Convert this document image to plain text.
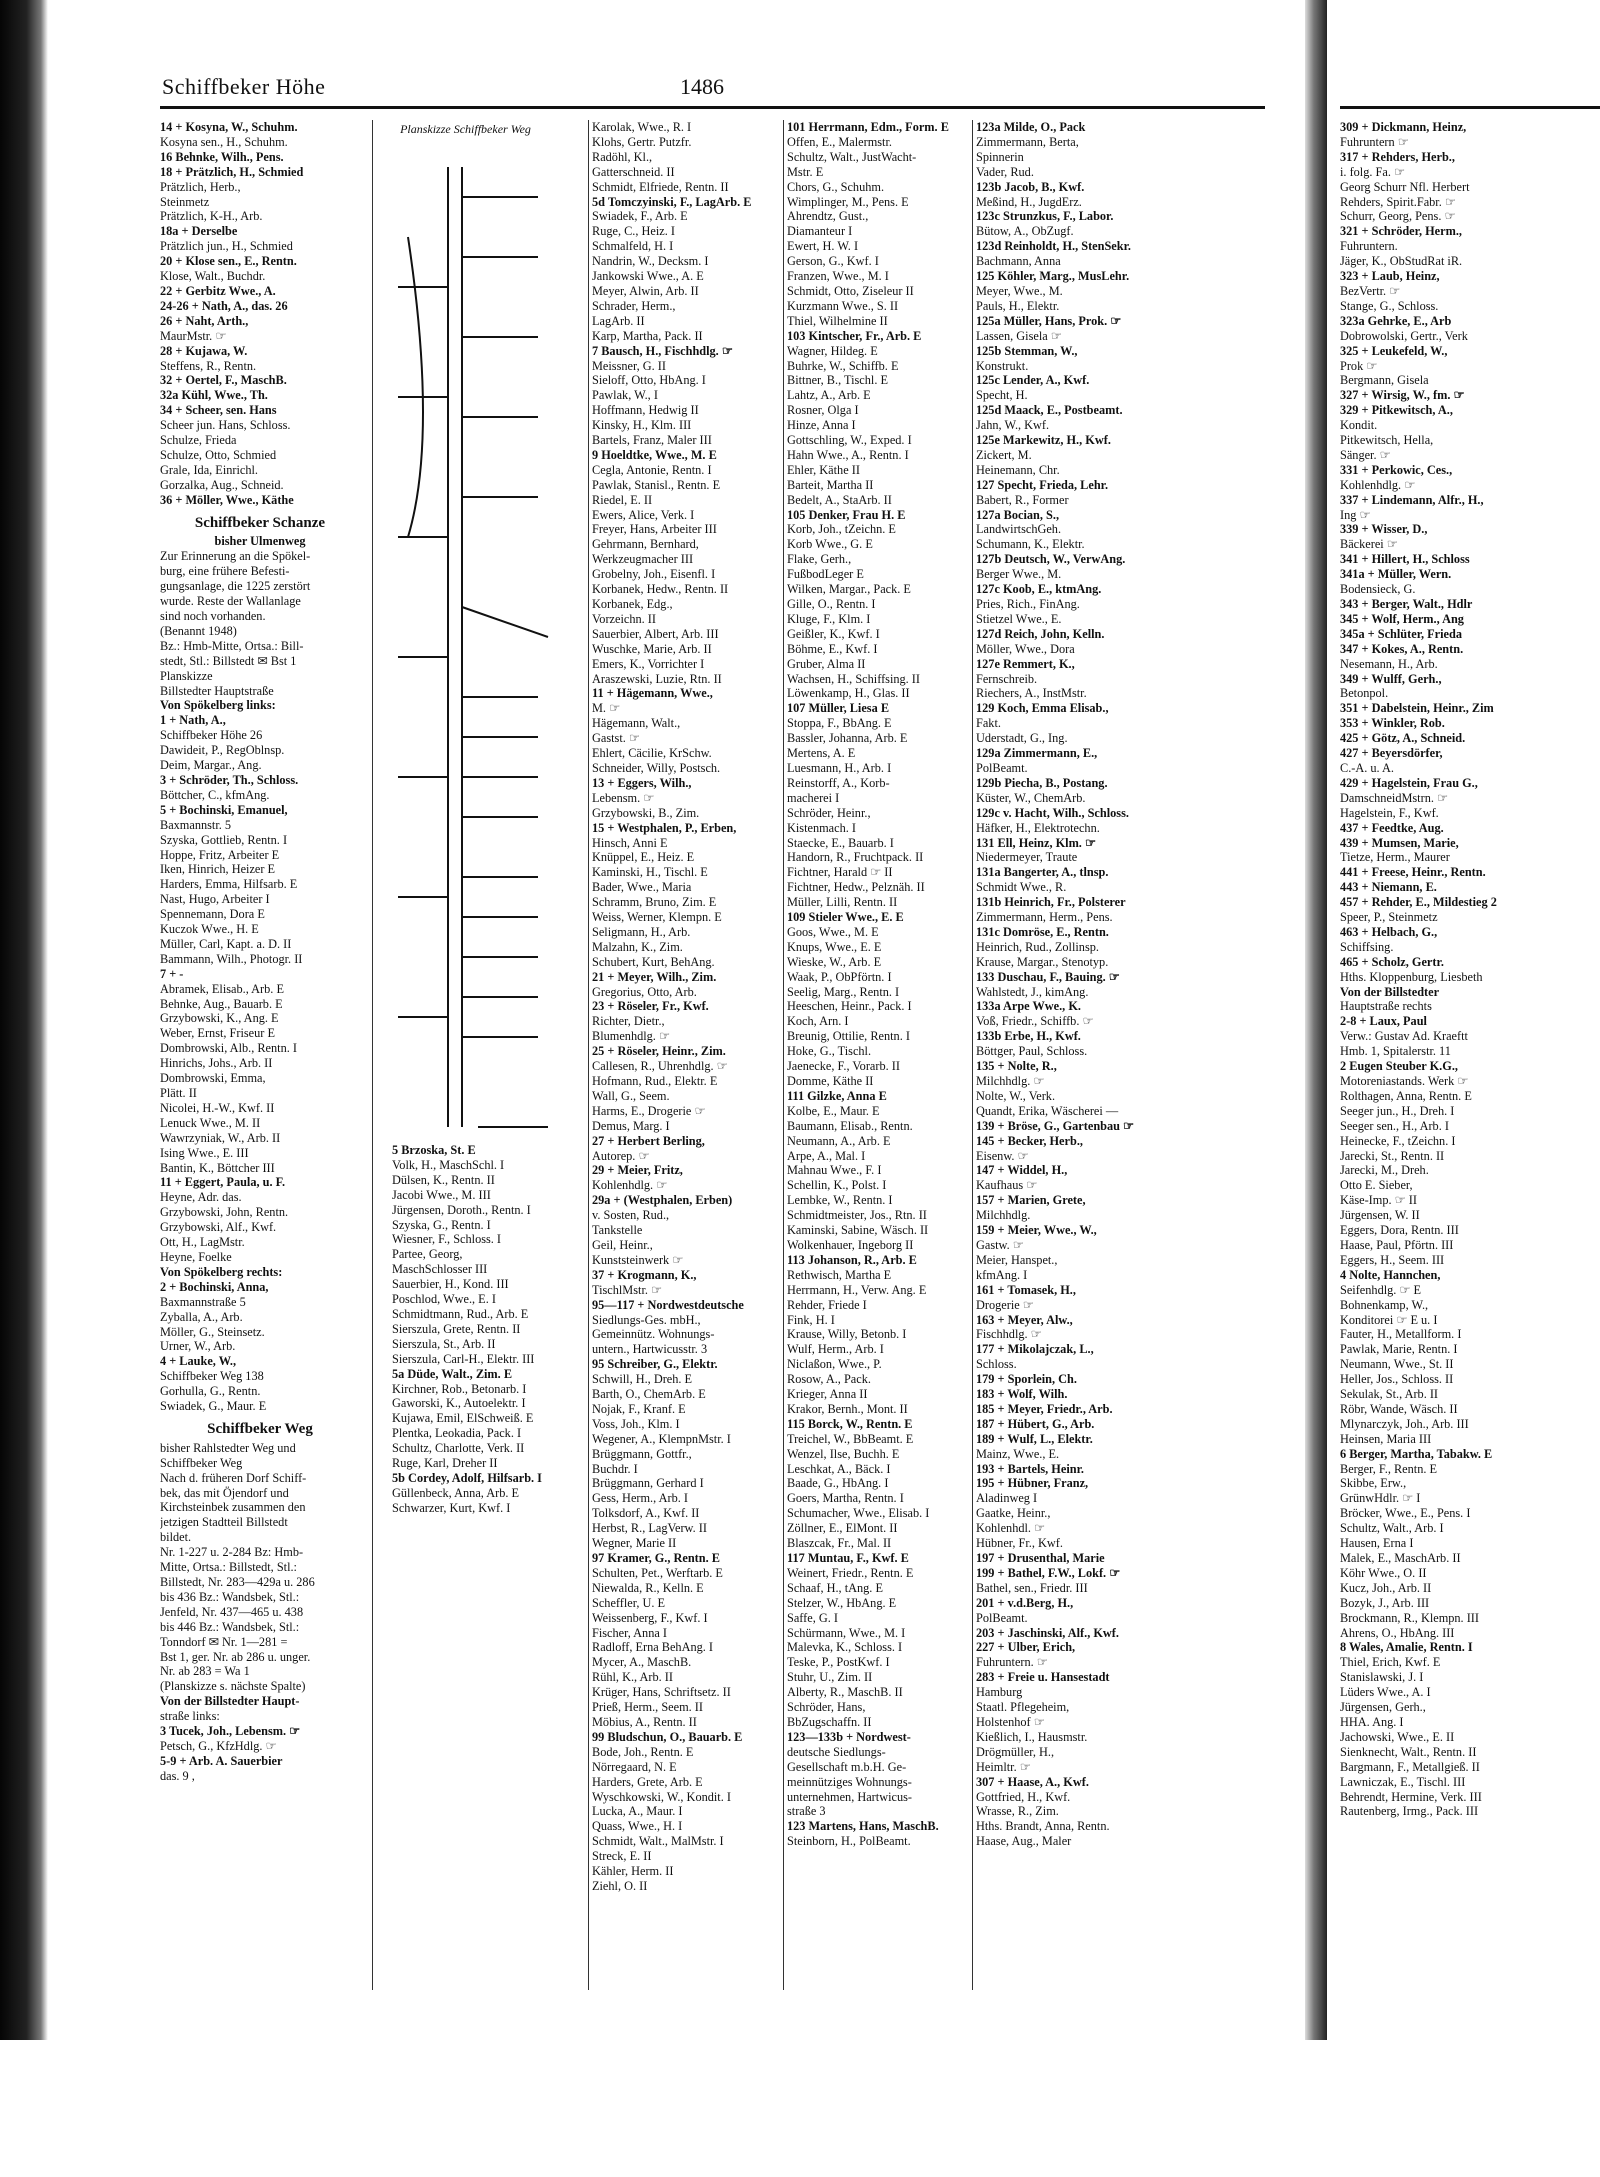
Schiffbeker Höhe	1486
14 + Kosyna, W., Schuhm.
Kosyna sen., H., Schuhm.
16 Behnke, Wilh., Pens.
18 + Prätzlich, H., Schmied
Prätzlich, Herb.,
Steinmetz
Prätzlich, K-H., Arb.
18a + Derselbe
Prätzlich jun., H., Schmied
20 + Klose sen., E., Rentn.
Klose, Walt., Buchdr.
22 + Gerbitz Wwe., A.
24-26 + Nath, A., das. 26
26 + Naht, Arth.,
MaurMstr. ☞
28 + Kujawa, W.
Steffens, R., Rentn.
32 + Oertel, F., MaschB.
32a Kühl, Wwe., Th.
34 + Scheer, sen. Hans
Scheer jun. Hans, Schloss.
Schulze, Frieda
Schulze, Otto, Schmied
Grale, Ida, Einrichl.
Gorzalka, Aug., Schneid.
36 + Möller, Wwe., Käthe
Schiffbeker Schanze
bisher Ulmenweg
Zur Erinnerung an die Spökel-
burg, eine frühere Befesti-
gungsanlage, die 1225 zerstört
wurde. Reste der Wallanlage
sind noch vorhanden.
(Benannt 1948)
Bz.: Hmb-Mitte, Ortsa.: Bill-
stedt, Stl.: Billstedt ✉ Bst 1
Planskizze
Billstedter Hauptstraße
Von Spökelberg links:
1 + Nath, A.,
Schiffbeker Höhe 26
Dawideit, P., RegOblnsp.
Deim, Margar., Ang.
3 + Schröder, Th., Schloss.
Böttcher, C., kfmAng.
5 + Bochinski, Emanuel,
Baxmannstr. 5
Szyska, Gottlieb, Rentn. I
Hoppe, Fritz, Arbeiter E
Iken, Hinrich, Heizer E
Harders, Emma, Hilfsarb. E
Nast, Hugo, Arbeiter I
Spennemann, Dora E
Kuczok Wwe., H. E
Müller, Carl, Kapt. a. D. II
Bammann, Wilh., Photogr. II
7 + -
Abramek, Elisab., Arb. E
Behnke, Aug., Bauarb. E
Grzybowski, K., Ang. E
Weber, Ernst, Friseur E
Dombrowski, Alb., Rentn. I
Hinrichs, Johs., Arb. II
Dombrowski, Emma,
Plätt. II
Nicolei, H.-W., Kwf. II
Lenuck Wwe., M. II
Wawrzyniak, W., Arb. II
Ising Wwe., E. III
Bantin, K., Böttcher III
11 + Eggert, Paula, u. F.
Heyne, Adr. das.
Grzybowski, John, Rentn.
Grzybowski, Alf., Kwf.
Ott, H., LagMstr.
Heyne, Foelke
Von Spökelberg rechts:
2 + Bochinski, Anna,
Baxmannstraße 5
Zyballa, A., Arb.
Möller, G., Steinsetz.
Urner, W., Arb.
4 + Lauke, W.,
Schiffbeker Weg 138
Gorhulla, G., Rentn.
Swiadek, G., Maur. E
Schiffbeker Weg
bisher Rahlstedter Weg und
Schiffbeker Weg
Nach d. früheren Dorf Schiff-
bek, das mit Öjendorf und
Kirchsteinbek zusammen den
jetzigen Stadtteil Billstedt
bildet.
Nr. 1-227 u. 2-284 Bz: Hmb-
Mitte, Ortsa.: Billstedt, Stl.:
Billstedt, Nr. 283—429a u. 286
bis 436 Bz.: Wandsbek, Stl.:
Jenfeld, Nr. 437—465 u. 438
bis 446 Bz.: Wandsbek, Stl.:
Tonndorf ✉ Nr. 1—281 =
Bst 1, ger. Nr. ab 286 u. unger.
Nr. ab 283 = Wa 1
(Planskizze s. nächste Spalte)
Von der Billstedter Haupt-
straße links:
3 Tucek, Joh., Lebensm. ☞
Petsch, G., KfzHdlg. ☞
5-9 + Arb. A. Sauerbier
das. 9 ,
Planskizze Schiffbeker Weg	Karolak, Wwe., R. I
Klohs, Gertr. Putzfr.
Radöhl, Kl.,
Gatterschneid. II
Schmidt, Elfriede, Rentn. II
5d Tomczyinski, F., LagArb. E
Swiadek, F., Arb. E
Ruge, C., Heiz. I
Schmalfeld, H. I
Nandrin, W., Decksm. I
Jankowski Wwe., A. E
Meyer, Alwin, Arb. II
Schrader, Herm.,
LagArb. II
Karp, Martha, Pack. II
7 Bausch, H., Fischhdlg. ☞
Meissner, G. II
Sieloff, Otto, HbAng. I
Pawlak, W., I
Hoffmann, Hedwig II
Kinsky, H., Klm. III
Bartels, Franz, Maler III
9 Hoeldtke, Wwe., M. E
Cegla, Antonie, Rentn. I
Pawlak, Stanisl., Rentn. E
Riedel, E. II
Ewers, Alice, Verk. I
Freyer, Hans, Arbeiter III
Gehrmann, Bernhard,
Werkzeugmacher III
Grobelny, Joh., Eisenfl. I
Korbanek, Hedw., Rentn. II
Korbanek, Edg.,
Vorzeichn. II
Sauerbier, Albert, Arb. III
Wuschke, Marie, Arb. II
Emers, K., Vorrichter I
Araszewski, Luzie, Rtn. II
11 + Hägemann, Wwe.,
M. ☞
Hägemann, Walt.,
Gastst. ☞
Ehlert, Cäcilie, KrSchw.
Schneider, Willy, Postsch.
13 + Eggers, Wilh.,
Lebensm. ☞
Grzybowski, B., Zim.
15 + Westphalen, P., Erben,
Hinsch, Anni E
Knüppel, E., Heiz. E
Kaminski, H., Tischl. E
Bader, Wwe., Maria
Schramm, Bruno, Zim. E
Weiss, Werner, Klempn. E
Seligmann, H., Arb.
Malzahn, K., Zim.
Schubert, Kurt, BehAng.
21 + Meyer, Wilh., Zim.
Gregorius, Otto, Arb.
23 + Röseler, Fr., Kwf.
Richter, Dietr.,
Blumenhdlg. ☞
25 + Röseler, Heinr., Zim.
Callesen, R., Uhrenhdlg. ☞
Hofmann, Rud., Elektr. E
Wall, G., Seem.
Harms, E., Drogerie ☞
Demus, Marg. I
27 + Herbert Berling,
Autorep. ☞
29 + Meier, Fritz,
Kohlenhdlg. ☞
29a + (Westphalen, Erben)
v. Sosten, Rud.,
Tankstelle
Geil, Heinr.,
Kunststeinwerk ☞
37 + Krogmann, K.,
TischlMstr. ☞
95—117 + Nordwestdeutsche
Siedlungs-Ges. mbH.,
Gemeinnütz. Wohnungs-
untern., Hartwicusstr. 3
95 Schreiber, G., Elektr.
Schwill, H., Dreh. E
Barth, O., ChemArb. E
Nojak, F., Kranf. E
Voss, Joh., Klm. I
Wegener, A., KlempnMstr. I
Brüggmann, Gottfr.,
Buchdr. I
Brüggmann, Gerhard I
Gess, Herm., Arb. I
Tolksdorf, A., Kwf. II
Herbst, R., LagVerw. II
Wegner, Marie II
97 Kramer, G., Rentn. E
Schulten, Pet., Werftarb. E
Niewalda, R., Kelln. E
Scheffler, U. E
Weissenberg, F., Kwf. I
Fischer, Anna I
Radloff, Erna BehAng. I
Mycer, A., MaschB.
Rühl, K., Arb. II
Krüger, Hans, Schriftsetz. II
Prieß, Herm., Seem. II
Möbius, A., Rentn. II
99 Bludschun, O., Bauarb. E
Bode, Joh., Rentn. E
Nörregaard, N. E
Harders, Grete, Arb. E
Wyschkowski, W., Kondit. I
Lucka, A., Maur. I
Quass, Wwe., H. I
Schmidt, Walt., MalMstr. I
Streck, E. II
Kähler, Herm. II
Ziehl, O. II
101 Herrmann, Edm., Form. E
Offen, E., Malermstr.
Schultz, Walt., JustWacht-
Mstr. E
Chors, G., Schuhm.
Wimplinger, M., Pens. E
Ahrendtz, Gust.,
Diamanteur I
Ewert, H. W. I
Gerson, G., Kwf. I
Franzen, Wwe., M. I
Schmidt, Otto, Ziseleur II
Kurzmann Wwe., S. II
Thiel, Wilhelmine II
103 Kintscher, Fr., Arb. E
Wagner, Hildeg. E
Buhrke, W., Schiffb. E
Bittner, B., Tischl. E
Lahtz, A., Arb. E
Rosner, Olga I
Hinze, Anna I
Gottschling, W., Exped. I
Hahn Wwe., A., Rentn. I
Ehler, Käthe II
Barteit, Martha II
Bedelt, A., StaArb. II
105 Denker, Frau H. E
Korb, Joh., tZeichn. E
Korb Wwe., G. E
Flake, Gerh.,
FußbodLeger E
Wilken, Margar., Pack. E
Gille, O., Rentn. I
Kluge, F., Klm. I
Geißler, K., Kwf. I
Böhme, E., Kwf. I
Gruber, Alma II
Wachsen, H., Schiffsing. II
Löwenkamp, H., Glas. II
107 Müller, Liesa E
Stoppa, F., BbAng. E
Bassler, Johanna, Arb. E
Mertens, A. E
Luesmann, H., Arb. I
Reinstorff, A., Korb-
macherei I
Schröder, Heinr.,
Kistenmach. I
Staecke, E., Bauarb. I
Handorn, R., Fruchtpack. II
Fichtner, Harald ☞ II
Fichtner, Hedw., Pelznäh. II
Müller, Lilli, Rentn. II
109 Stieler Wwe., E. E
Goos, Wwe., M. E
Knups, Wwe., E. E
Wieske, W., Arb. E
Waak, P., ObPförtn. I
Seelig, Marg., Rentn. I
Heeschen, Heinr., Pack. I
Koch, Arn. I
Breunig, Ottilie, Rentn. I
Hoke, G., Tischl.
Jaenecke, F., Vorarb. II
Domme, Käthe II
111 Gilzke, Anna E
Kolbe, E., Maur. E
Baumann, Elisab., Rentn.
Neumann, A., Arb. E
Arpe, A., Mal. I
Mahnau Wwe., F. I
Schellin, K., Polst. I
Lembke, W., Rentn. I
Schmidtmeister, Jos., Rtn. II
Kaminski, Sabine, Wäsch. II
Wolkenhauer, Ingeborg II
113 Johanson, R., Arb. E
Rethwisch, Martha E
Herrmann, H., Verw. Ang. E
Rehder, Friede I
Fink, H. I
Krause, Willy, Betonb. I
Wulf, Herm., Arb. I
Niclaßon, Wwe., P.
Rosow, A., Pack.
Krieger, Anna II
Krakor, Bernh., Mont. II
115 Borck, W., Rentn. E
Treichel, W., BbBeamt. E
Wenzel, Ilse, Buchh. E
Leschkat, A., Bäck. I
Baade, G., HbAng. I
Goers, Martha, Rentn. I
Schumacher, Wwe., Elisab. I
Zöllner, E., ElMont. II
Blaszcak, Fr., Mal. II
117 Muntau, F., Kwf. E
Weinert, Friedr., Rentn. E
Schaaf, H., tAng. E
Stelzer, W., HbAng. E
Saffe, G. I
Schürmann, Wwe., M. I
Malevka, K., Schloss. I
Teske, P., PostKwf. I
Stuhr, U., Zim. II
Alberty, R., MaschB. II
Schröder, Hans,
BbZugschaffn. II
123—133b + Nordwest-
deutsche Siedlungs-
Gesellschaft m.b.H. Ge-
meinnütziges Wohnungs-
unternehmen, Hartwicus-
straße 3
123 Martens, Hans, MaschB.
Steinborn, H., PolBeamt.
123a Milde, O., Pack
Zimmermann, Berta,
Spinnerin
Vader, Rud.
123b Jacob, B., Kwf.
Meßind, H., JugdErz.
123c Strunzkus, F., Labor.
Bütow, A., ObZugf.
123d Reinholdt, H., StenSekr.
Bachmann, Anna
125 Köhler, Marg., MusLehr.
Meyer, Wwe., M.
Pauls, H., Elektr.
125a Müller, Hans, Prok. ☞
Lassen, Gisela ☞
125b Stemman, W.,
Konstrukt.
125c Lender, A., Kwf.
Specht, H.
125d Maack, E., Postbeamt.
Jahn, W., Kwf.
125e Markewitz, H., Kwf.
Zickert, M.
Heinemann, Chr.
127 Specht, Frieda, Lehr.
Babert, R., Former
127a Bocian, S.,
LandwirtschGeh.
Schumann, K., Elektr.
127b Deutsch, W., VerwAng.
Berger Wwe., M.
127c Koob, E., ktmAng.
Pries, Rich., FinAng.
Stietzel Wwe., E.
127d Reich, John, Kelln.
Möller, Wwe., Dora
127e Remmert, K.,
Fernschreib.
Riechers, A., InstMstr.
129 Koch, Emma Elisab.,
Fakt.
Uderstadt, G., Ing.
129a Zimmermann, E.,
PolBeamt.
129b Piecha, B., Postang.
Küster, W., ChemArb.
129c v. Hacht, Wilh., Schloss.
Häfker, H., Elektrotechn.
131 Ell, Heinz, Klm. ☞
Niedermeyer, Traute
131a Bangerter, A., tlnsp.
Schmidt Wwe., R.
131b Heinrich, Fr., Polsterer
Zimmermann, Herm., Pens.
131c Domröse, E., Rentn.
Heinrich, Rud., Zollinsp.
Krause, Margar., Stenotyp.
133 Duschau, F., Bauing. ☞
Wahlstedt, J., kimAng.
133a Arpe Wwe., K.
Voß, Friedr., Schiffb. ☞
133b Erbe, H., Kwf.
Böttger, Paul, Schloss.
135 + Nolte, R.,
Milchhdlg. ☞
Nolte, W., Verk.
Quandt, Erika, Wäscherei —
139 + Bröse, G., Gartenbau ☞
145 + Becker, Herb.,
Eisenw. ☞
147 + Widdel, H.,
Kaufhaus ☞
157 + Marien, Grete,
Milchhdlg.
159 + Meier, Wwe., W.,
Gastw. ☞
Meier, Hanspet.,
kfmAng. I
161 + Tomasek, H.,
Drogerie ☞
163 + Meyer, Alw.,
Fischhdlg. ☞
177 + Mikolajczak, L.,
Schloss.
179 + Sporlein, Ch.
183 + Wolf, Wilh.
185 + Meyer, Friedr., Arb.
187 + Hübert, G., Arb.
189 + Wulf, L., Elektr.
Mainz, Wwe., E.
193 + Bartels, Heinr.
195 + Hübner, Franz,
Aladinweg I
Gaatke, Heinr.,
Kohlenhdl. ☞
Hübner, Fr., Kwf.
197 + Drusenthal, Marie
199 + Bathel, F.W., Lokf. ☞
Bathel, sen., Friedr. III
201 + v.d.Berg, H.,
PolBeamt.
203 + Jaschinski, Alf., Kwf.
227 + Ulber, Erich,
Fuhruntern. ☞
283 + Freie u. Hansestadt
Hamburg
Staatl. Pflegeheim,
Holstenhof ☞
Kießlich, I., Hausmstr.
Drögmüller, H.,
Heimltr. ☞
307 + Haase, A., Kwf.
Gottfried, H., Kwf.
Wrasse, R., Zim.
Hths. Brandt, Anna, Rentn.
Haase, Aug., Maler
309 + Dickmann, Heinz,
Fuhruntern ☞
317 + Rehders, Herb.,
i. folg. Fa. ☞
Georg Schurr Nfl. Herbert
Rehders, Spirit.Fabr. ☞
Schurr, Georg, Pens. ☞
321 + Schröder, Herm.,
Fuhruntern.
Jäger, K., ObStudRat iR.
323 + Laub, Heinz,
BezVertr. ☞
Stange, G., Schloss.
323a Gehrke, E., Arb
Dobrowolski, Gertr., Verk
325 + Leukefeld, W.,
Prok ☞
Bergmann, Gisela
327 + Wirsig, W., fm. ☞
329 + Pitkewitsch, A.,
Kondit.
Pitkewitsch, Hella,
Sänger. ☞
331 + Perkowic, Ces.,
Kohlenhdlg. ☞
337 + Lindemann, Alfr., H.,
Ing ☞
339 + Wisser, D.,
Bäckerei ☞
341 + Hillert, H., Schloss
341a + Müller, Wern.
Bodensieck, G.
343 + Berger, Walt., Hdlr
345 + Wolf, Herm., Ang
345a + Schlüter, Frieda
347 + Kokes, A., Rentn.
Nesemann, H., Arb.
349 + Wulff, Gerh.,
Betonpol.
351 + Dabelstein, Heinr., Zim
353 + Winkler, Rob.
425 + Götz, A., Schneid.
427 + Beyersdörfer,
C.-A. u. A.
429 + Hagelstein, Frau G.,
DamschneidMstrn. ☞
Hagelstein, F., Kwf.
437 + Feedtke, Aug.
439 + Mumsen, Marie,
Tietze, Herm., Maurer
441 + Freese, Heinr., Rentn.
443 + Niemann, E.
457 + Rehder, E., Mildestieg 2
Speer, P., Steinmetz
463 + Helbach, G.,
Schiffsing.
465 + Scholz, Gertr.
Hths. Kloppenburg, Liesbeth
Von der Billstedter
Hauptstraße rechts
2-8 + Laux, Paul
Verw.: Gustav Ad. Kraeftt
Hmb. 1, Spitalerstr. 11
2 Eugen Steuber K.G.,
Motoreniastands. Werk ☞
Rolthagen, Anna, Rentn. E
Seeger jun., H., Dreh. I
Seeger sen., H., Arb. I
Heinecke, F., tZeichn. I
Jarecki, St., Rentn. II
Jarecki, M., Dreh.
Otto E. Sieber,
Käse-Imp. ☞ II
Jürgensen, W. II
Eggers, Dora, Rentn. III
Haase, Paul, Pförtn. III
Eggers, H., Seem. III
4 Nolte, Hannchen,
Seifenhdlg. ☞ E
Bohnenkamp, W.,
Konditorei ☞ E u. I
Fauter, H., Metallform. I
Pawlak, Marie, Rentn. I
Neumann, Wwe., St. II
Heller, Jos., Schloss. II
Sekulak, St., Arb. II
Röbr, Wande, Wäsch. II
Mlynarczyk, Joh., Arb. III
Heinsen, Maria III
6 Berger, Martha, Tabakw. E
Berger, F., Rentn. E
Skibbe, Erw.,
GrünwHdlr. ☞ I
Bröcker, Wwe., E., Pens. I
Schultz, Walt., Arb. I
Hausen, Erna I
Malek, E., MaschArb. II
Köhr Wwe., O. II
Kucz, Joh., Arb. II
Bozyk, J., Arb. III
Brockmann, R., Klempn. III
Ahrens, O., HbAng. III
8 Wales, Amalie, Rentn. I
Thiel, Erich, Kwf. E
Stanislawski, J. I
Lüders Wwe., A. I
Jürgensen, Gerh.,
HHA. Ang. I
Jachowski, Wwe., E. II
Sienknecht, Walt., Rentn. II
Bargmann, F., Metallgieß. II
Lawniczak, E., Tischl. III
Behrendt, Hermine, Verk. III
Rautenberg, Irmg., Pack. III
5 Brzoska, St. E
Volk, H., MaschSchl. I
Dülsen, K., Rentn. II
Jacobi Wwe., M. III
Jürgensen, Doroth., Rentn. I
Szyska, G., Rentn. I
Wiesner, F., Schloss. I
Partee, Georg,
MaschSchlosser III
Sauerbier, H., Kond. III
Poschlod, Wwe., E. I
Schmidtmann, Rud., Arb. E
Sierszula, Grete, Rentn. II
Sierszula, St., Arb. II
Sierszula, Carl-H., Elektr. III
5a Düde, Walt., Zim. E
Kirchner, Rob., Betonarb. I
Gaworski, K., Autoelektr. I
Kujawa, Emil, ElSchweiß. E
Plentka, Leokadia, Pack. I
Schultz, Charlotte, Verk. II
Ruge, Karl, Dreher II
5b Cordey, Adolf, Hilfsarb. I
Güllenbeck, Anna, Arb. E
Schwarzer, Kurt, Kwf. I
